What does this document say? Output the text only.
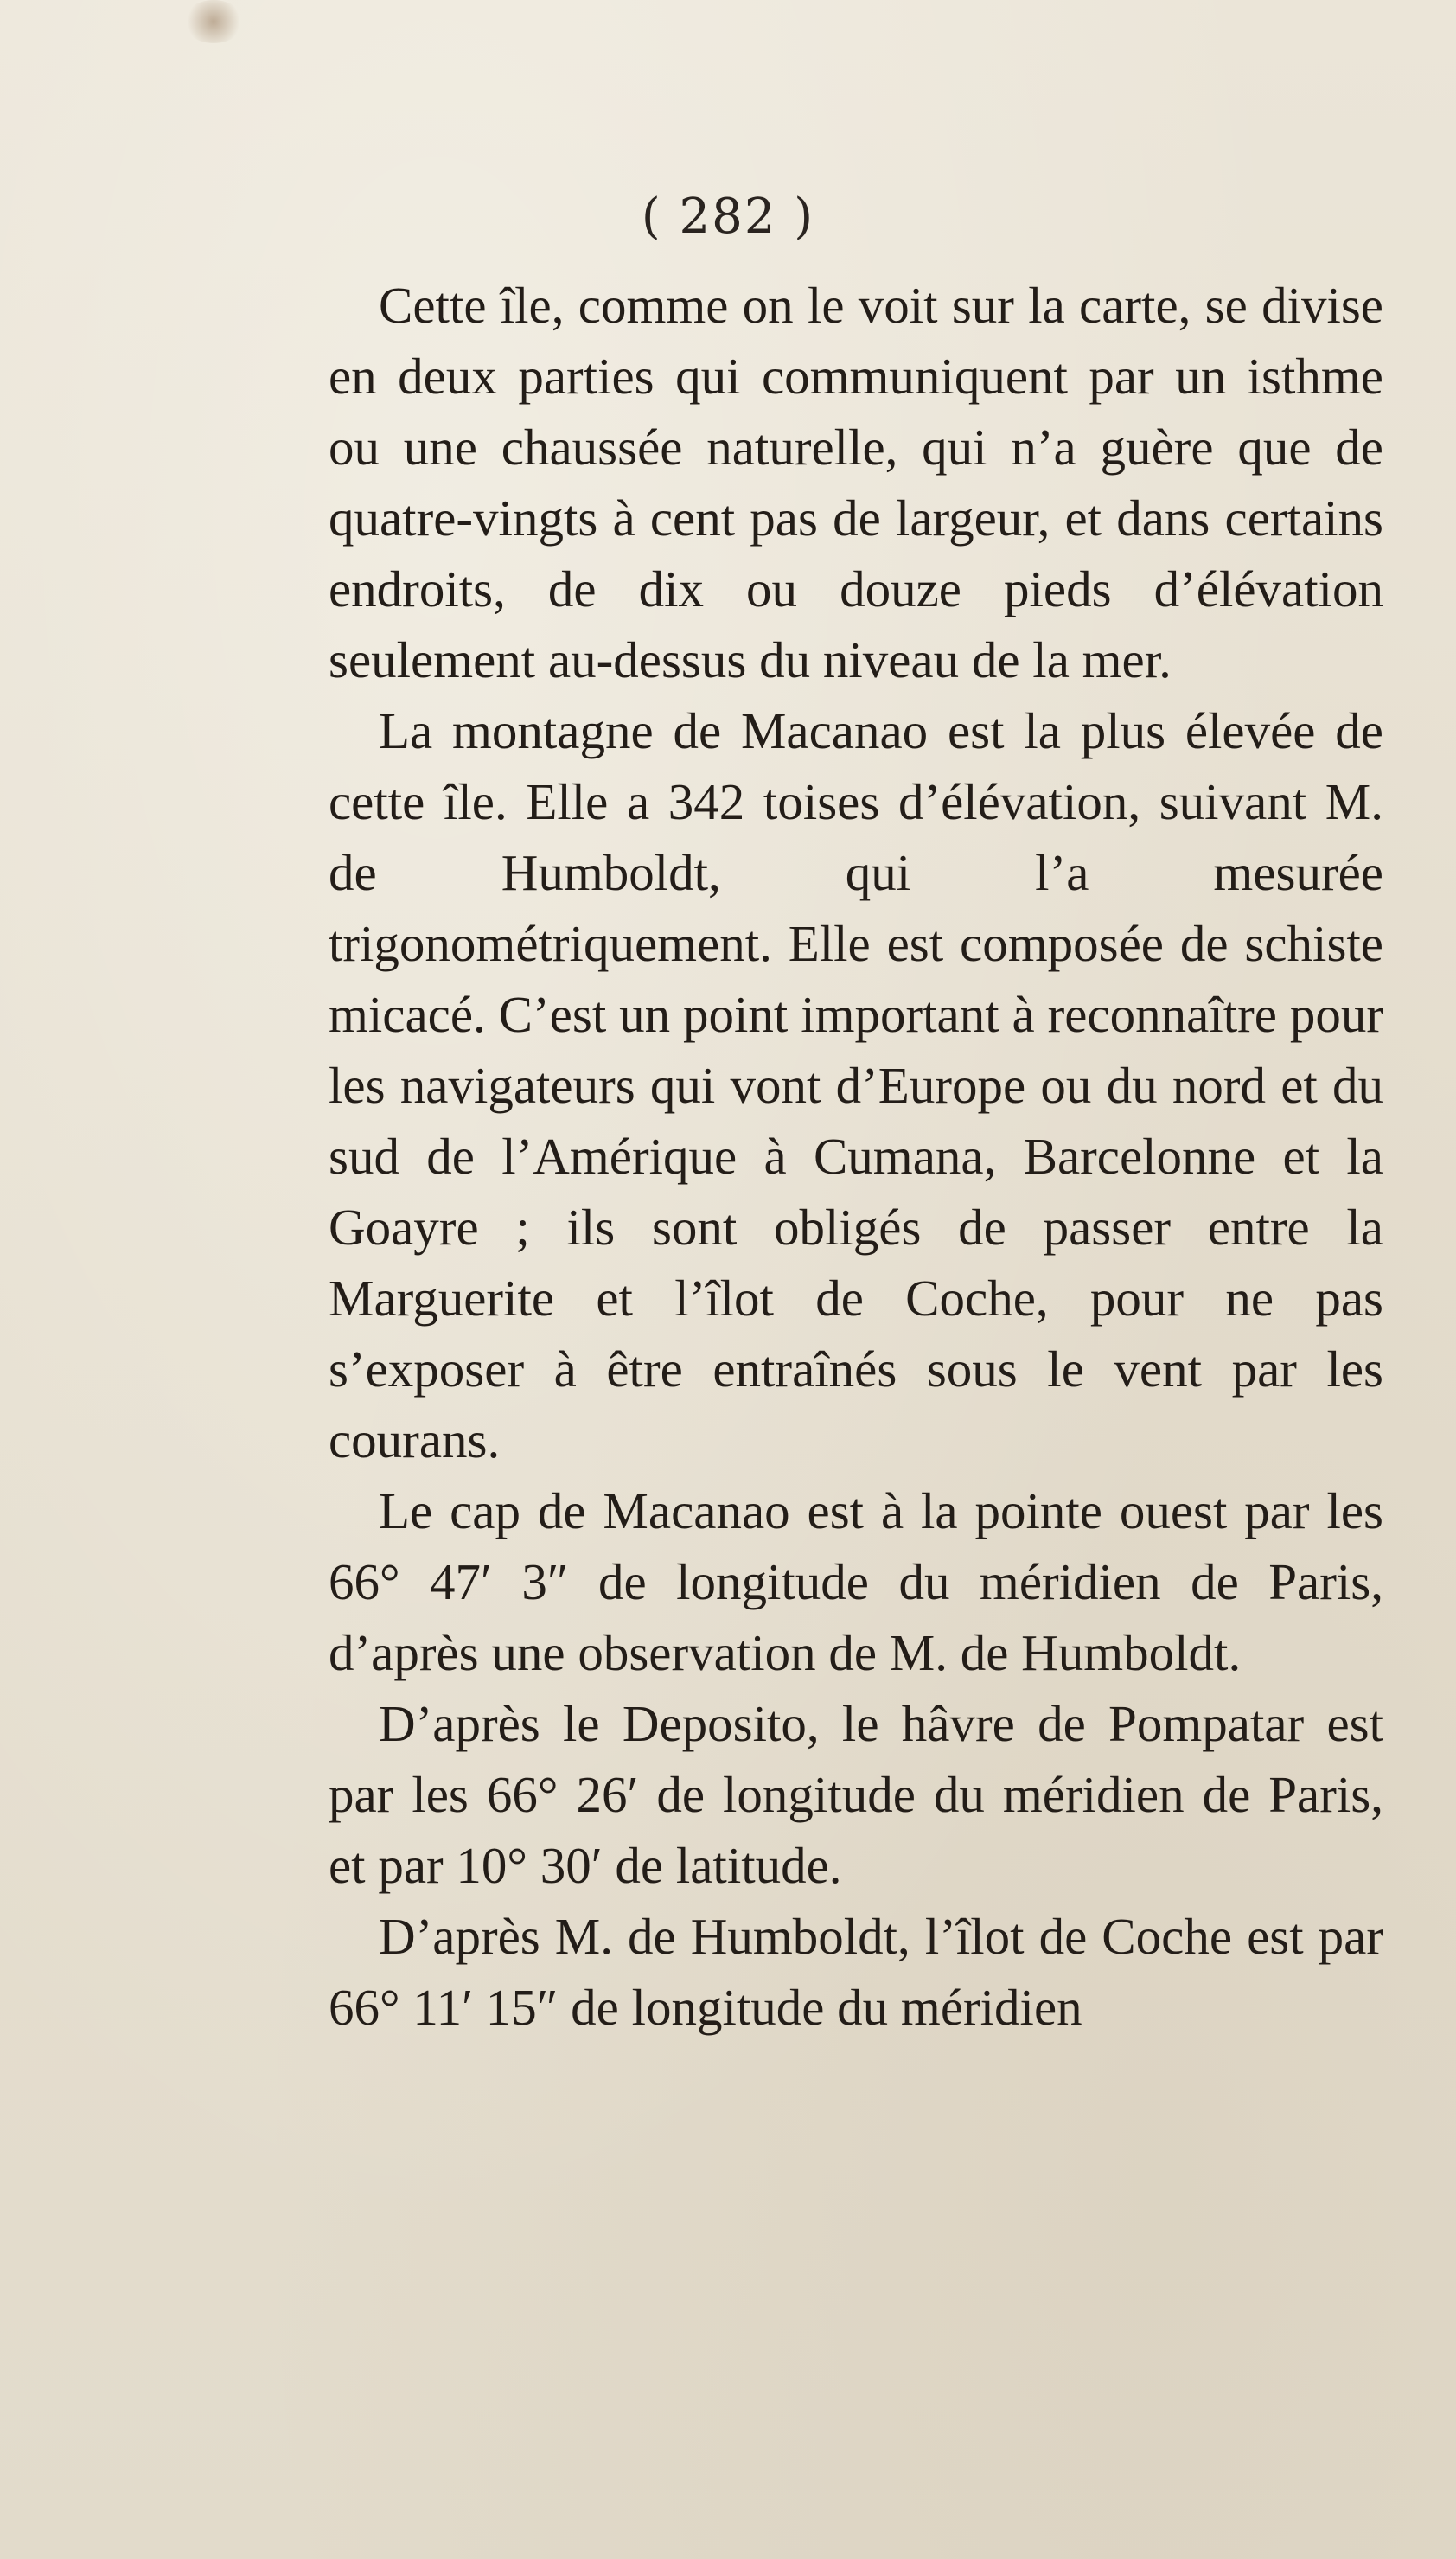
( 282 )

Cette île, comme on le voit sur la carte, se divise en deux parties qui communiquent par un isthme ou une chaussée naturelle, qui n’a guère que de quatre-vingts à cent pas de largeur, et dans certains endroits, de dix ou douze pieds d’élévation seulement au-dessus du niveau de la mer.

La montagne de Macanao est la plus élevée de cette île. Elle a 342 toises d’élévation, suivant M. de Humboldt, qui l’a mesurée trigonométriquement. Elle est composée de schiste micacé. C’est un point important à reconnaître pour les navigateurs qui vont d’Europe ou du nord et du sud de l’Amérique à Cumana, Barcelonne et la Goayre ; ils sont obligés de passer entre la Marguerite et l’îlot de Coche, pour ne pas s’exposer à être entraînés sous le vent par les courans.

Le cap de Macanao est à la pointe ouest par les 66° 47′ 3″ de longitude du méridien de Paris, d’après une observation de M. de Humboldt.

D’après le Deposito, le hâvre de Pompatar est par les 66° 26′ de longitude du méridien de Paris, et par 10° 30′ de latitude.

D’après M. de Humboldt, l’îlot de Coche est par 66° 11′ 15″ de longitude du méridien
